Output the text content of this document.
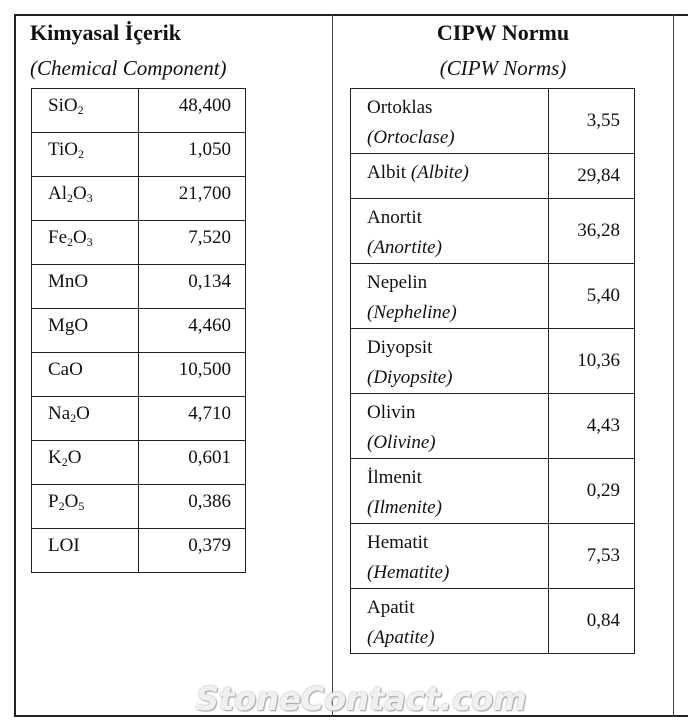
Kimyasal İçerik
(Chemical Component)
CIPW Normu
(CIPW Norms)
SiO$_2$	48,400
TiO$_2$	1,050
$Al_2O_3$	21,700
$Fe_2O_3$	7,520
MnO	0,134
MgO	4,460
CaO	10,500
$Na_2O$	4,710
$K_2O$	0,601
$P_2O_5$	0,386
LOI	0,379
Ortoklas
(Ortoclase)	3,55
Albit (Albite)	29,84
Anortit
(Anortite)	36,28
Nepelin
(Nepheline)	5,40
Diyopsit
(Diyopsite)	10,36
Olivin
(Olivine)	4,43
İlmenit
(Ilmenite)	0,29
Hematit
(Hematite)	7,53
Apatit
(Apatite)	0,84
StoneContact.com
